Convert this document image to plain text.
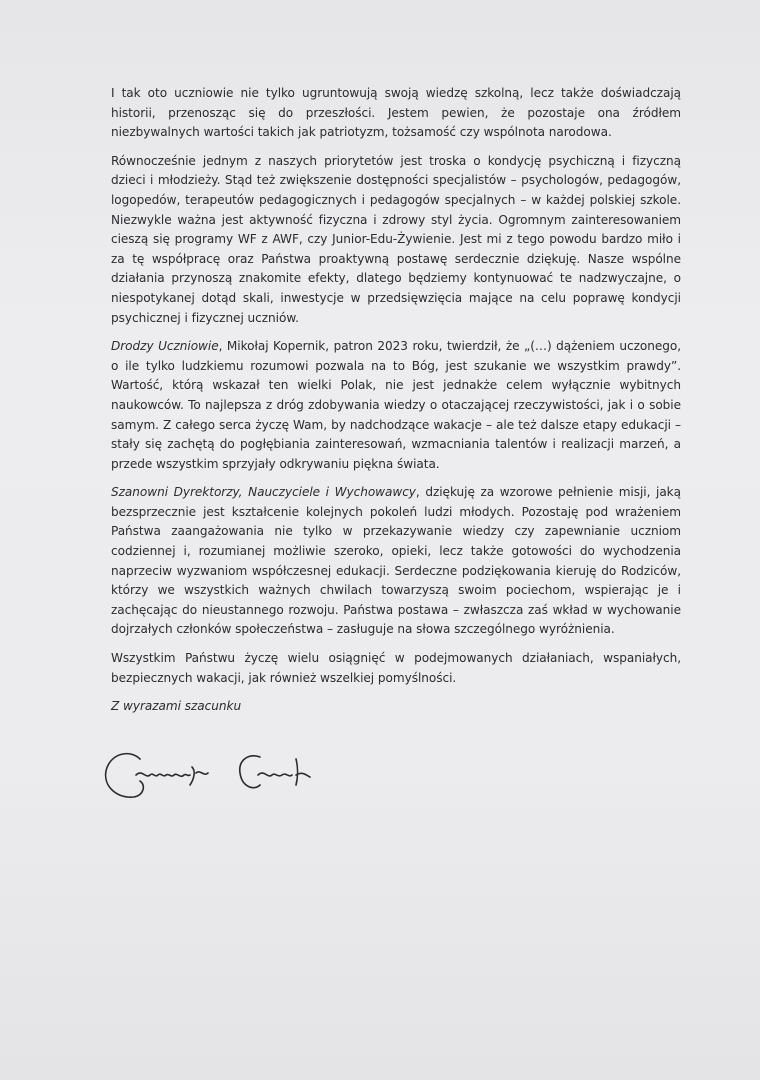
I tak oto uczniowie nie tylko ugruntowują swoją wiedzę szkolną, lecz także doświadczają historii, przenosząc się do przeszłości. Jestem pewien, że pozostaje ona źródłem niezbywalnych wartości takich jak patriotyzm, tożsamość czy wspólnota narodowa.

Równocześnie jednym z naszych priorytetów jest troska o kondycję psychiczną i fizyczną dzieci i młodzieży. Stąd też zwiększenie dostępności specjalistów – psychologów, pedagogów, logopedów, terapeutów pedagogicznych i pedagogów specjalnych – w każdej polskiej szkole. Niezwykle ważna jest aktywność fizyczna i zdrowy styl życia. Ogromnym zainteresowaniem cieszą się programy WF z AWF, czy Junior-Edu-Żywienie. Jest mi z tego powodu bardzo miło i za tę współpracę oraz Państwa proaktywną postawę serdecznie dziękuję. Nasze wspólne działania przynoszą znakomite efekty, dlatego będziemy kontynuować te nadzwyczajne, o niespotykanej dotąd skali, inwestycje w przedsięwzięcia mające na celu poprawę kondycji psychicznej i fizycznej uczniów.

Drodzy Uczniowie, Mikołaj Kopernik, patron 2023 roku, twierdził, że „(…) dążeniem uczonego, o ile tylko ludzkiemu rozumowi pozwala na to Bóg, jest szukanie we wszystkim prawdy”. Wartość, którą wskazał ten wielki Polak, nie jest jednakże celem wyłącznie wybitnych naukowców. To najlepsza z dróg zdobywania wiedzy o otaczającej rzeczywistości, jak i o sobie samym. Z całego serca życzę Wam, by nadchodzące wakacje – ale też dalsze etapy edukacji – stały się zachętą do pogłębiania zainteresowań, wzmacniania talentów i realizacji marzeń, a przede wszystkim sprzyjały odkrywaniu piękna świata.

Szanowni Dyrektorzy, Nauczyciele i Wychowawcy, dziękuję za wzorowe pełnienie misji, jaką bezsprzecznie jest kształcenie kolejnych pokoleń ludzi młodych. Pozostaję pod wrażeniem Państwa zaangażowania nie tylko w przekazywanie wiedzy czy zapewnianie uczniom codziennej i, rozumianej możliwie szeroko, opieki, lecz także gotowości do wychodzenia naprzeciw wyzwaniom współczesnej edukacji. Serdeczne podziękowania kieruję do Rodziców, którzy we wszystkich ważnych chwilach towarzyszą swoim pociechom, wspierając je i zachęcając do nieustannego rozwoju. Państwa postawa – zwłaszcza zaś wkład w wychowanie dojrzałych członków społeczeństwa – zasługuje na słowa szczególnego wyróżnienia.

Wszystkim Państwu życzę wielu osiągnięć w podejmowanych działaniach, wspaniałych, bezpiecznych wakacji, jak również wszelkiej pomyślności.

Z wyrazami szacunku
